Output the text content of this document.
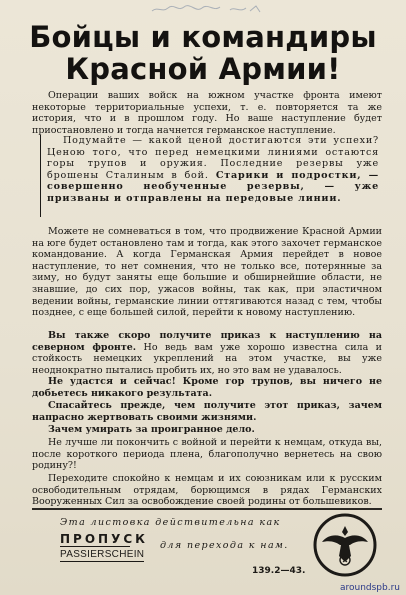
Бойцы и командиры
Красной Армии!

Операции ваших войск на южном участке фронта имеют некоторые территориальные успехи, т. е. повторяется та же история, что и в прошлом году. Но ваше наступление будет приостановлено и тогда начнется германское наступление.

Подумайте — какой ценой достигаются эти успехи? Ценою того, что перед немецкими линиями остаются горы трупов и оружия. Последние резервы уже брошены Сталиным в бой. Старики и подростки, — совершенно необученные резервы, — уже призваны и отправлены на передовые линии.

Можете не сомневаться в том, что продвижение Красной Армии на юге будет остановлено там и тогда, как этого захочет германское командование. А когда Германская Армия перейдет в новое наступление, то нет сомнения, что не только все, потерянные за зиму, но будут заняты еще большие и обширнейшие области, не знавшие, до сих пор, ужасов войны, так как, при эластичном ведении войны, германские линии оттягиваются назад с тем, чтобы позднее, с еще большей силой, перейти к новому наступлению.

Вы также скоро получите приказ к наступлению на северном фронте. Но ведь вам уже хорошо известна сила и стойкость немецких укреплений на этом участке, вы уже неоднократно пытались пробить их, но это вам не удавалось.

Не удастся и сейчас! Кроме гор трупов, вы ничего не добьетесь никакого результата.

Спасайтесь прежде, чем получите этот приказ, зачем напрасно жертвовать своими жизнями.

Зачем умирать за проигранное дело.

Не лучше ли покончить с войной и перейти к немцам, откуда вы, после короткого периода плена, благополучно вернетесь на свою родину?!

Переходите спокойно к немцам и их союзникам или к русским освободительным отрядам, борющимся в рядах Германских Вооруженных Сил за освобождение своей родины от большевиков.

Эта листовка действительна как
ПРОПУСК
PASSIERSCHEIN
для перехода к нам.
139.2—43.
aroundspb.ru
